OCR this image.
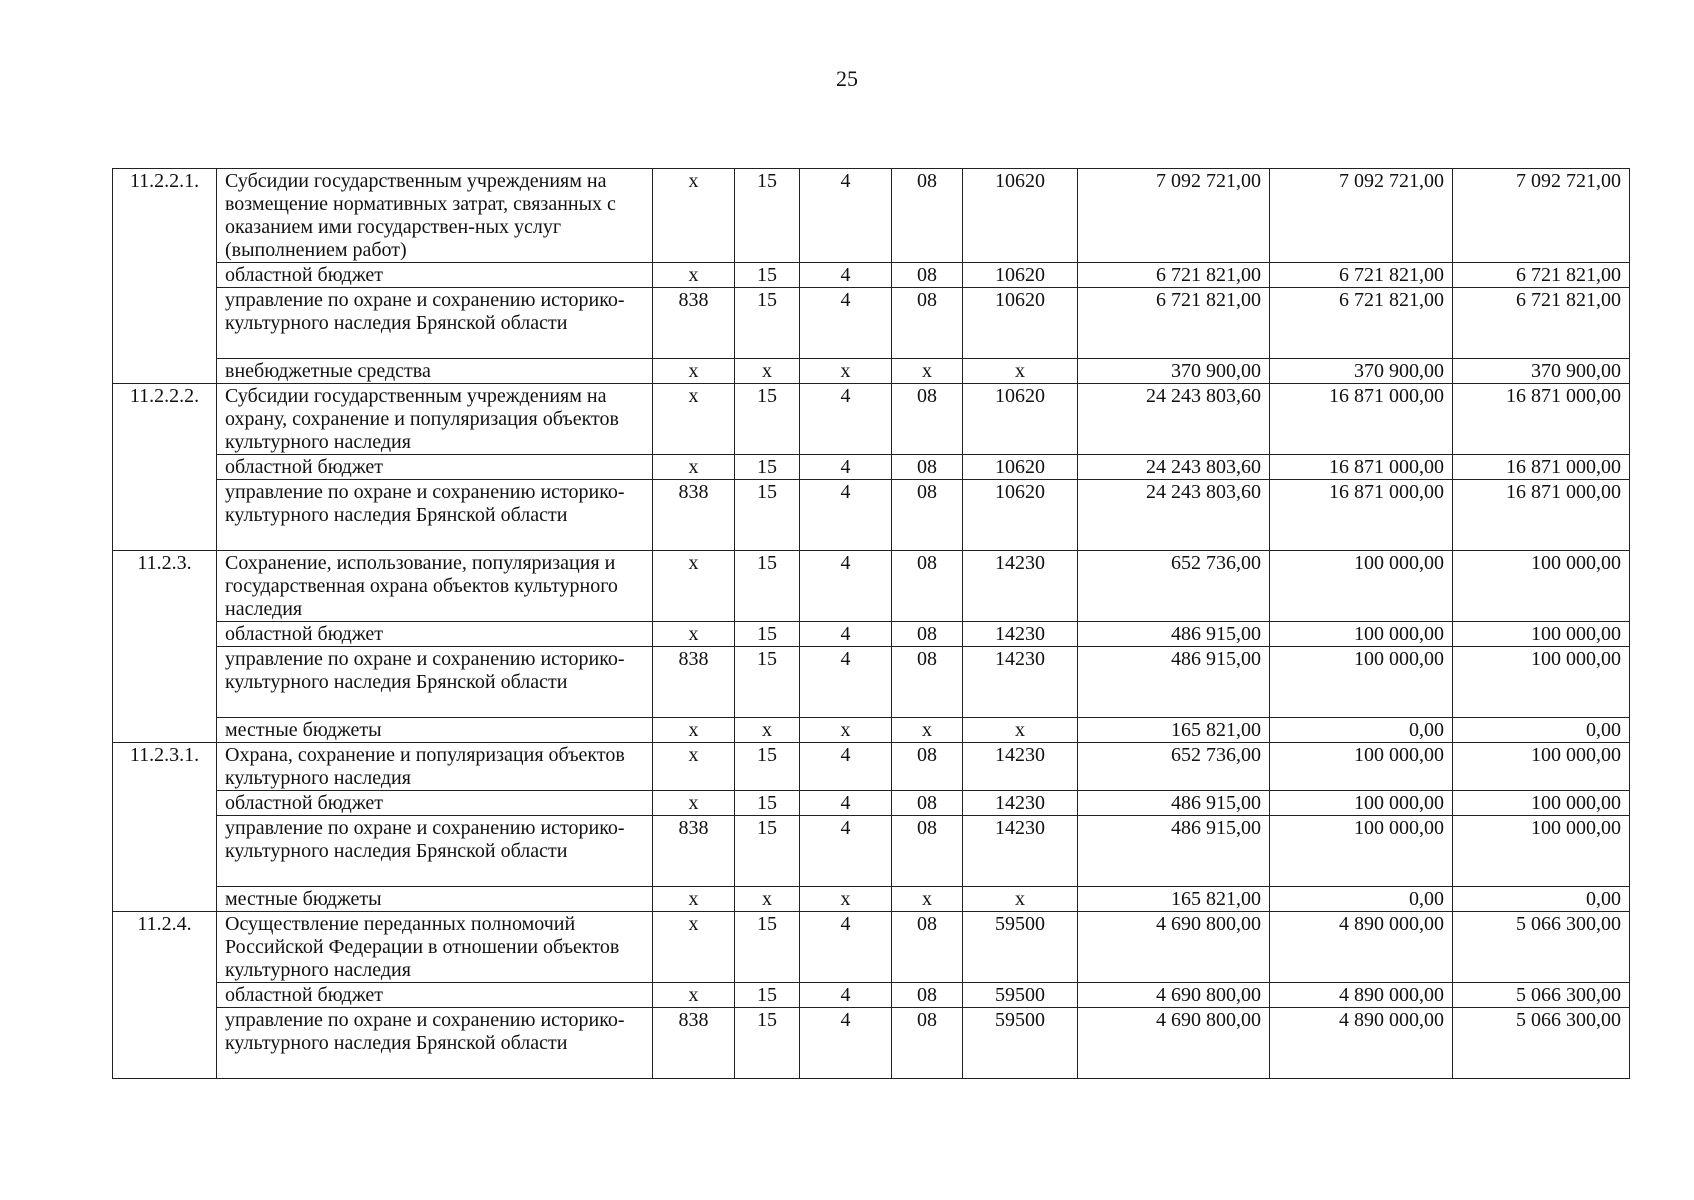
25
11.2.2.1.	Субсидии государственным учреждениям на возмещение нормативных затрат, связанных с оказанием ими государствен-ных услуг (выполнением работ)	x	15	4	08	10620	7 092 721,00	7 092 721,00	7 092 721,00
	областной бюджет	x	15	4	08	10620	6 721 821,00	6 721 821,00	6 721 821,00
	управление по охране и сохранению историко-культурного наследия Брянской области	838	15	4	08	10620	6 721 821,00	6 721 821,00	6 721 821,00
	внебюджетные средства	x	x	x	x	x	370 900,00	370 900,00	370 900,00
11.2.2.2.	Субсидии государственным учреждениям на охрану, сохранение и популяризация объектов культурного наследия	x	15	4	08	10620	24 243 803,60	16 871 000,00	16 871 000,00
	областной бюджет	x	15	4	08	10620	24 243 803,60	16 871 000,00	16 871 000,00
	управление по охране и сохранению историко-культурного наследия Брянской области	838	15	4	08	10620	24 243 803,60	16 871 000,00	16 871 000,00
11.2.3.	Сохранение, использование, популяризация и государственная охрана объектов культурного наследия	x	15	4	08	14230	652 736,00	100 000,00	100 000,00
	областной бюджет	x	15	4	08	14230	486 915,00	100 000,00	100 000,00
	управление по охране и сохранению историко-культурного наследия Брянской области	838	15	4	08	14230	486 915,00	100 000,00	100 000,00
	местные бюджеты	x	x	x	x	x	165 821,00	0,00	0,00
11.2.3.1.	Охрана, сохранение и популяризация объектов культурного наследия	x	15	4	08	14230	652 736,00	100 000,00	100 000,00
	областной бюджет	x	15	4	08	14230	486 915,00	100 000,00	100 000,00
	управление по охране и сохранению историко-культурного наследия Брянской области	838	15	4	08	14230	486 915,00	100 000,00	100 000,00
	местные бюджеты	x	x	x	x	x	165 821,00	0,00	0,00
11.2.4.	Осуществление переданных полномочий Российской Федерации в отношении объектов культурного наследия	x	15	4	08	59500	4 690 800,00	4 890 000,00	5 066 300,00
	областной бюджет	x	15	4	08	59500	4 690 800,00	4 890 000,00	5 066 300,00
	управление по охране и сохранению историко-культурного наследия Брянской области	838	15	4	08	59500	4 690 800,00	4 890 000,00	5 066 300,00
